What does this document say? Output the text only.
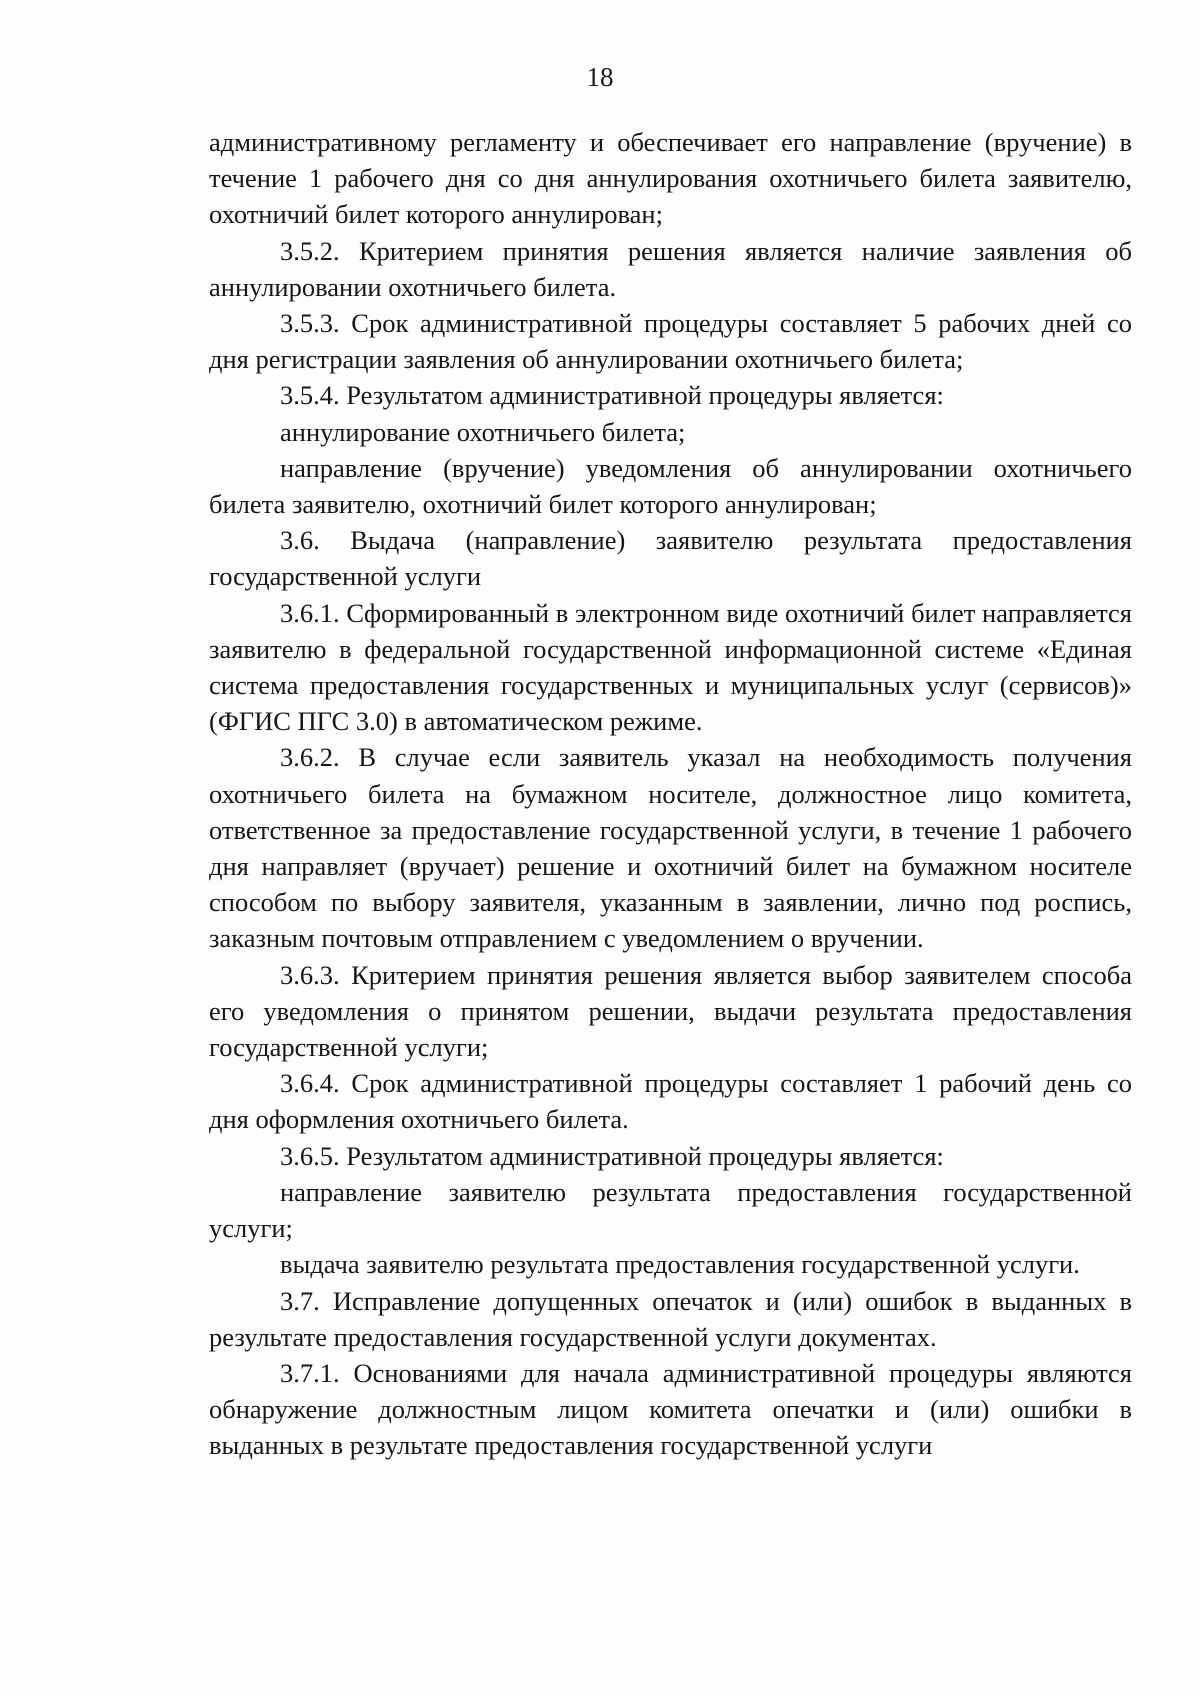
18

административному регламенту и обеспечивает его направление (вручение) в течение 1 рабочего дня со дня аннулирования охотничьего билета заявителю, охотничий билет которого аннулирован;

3.5.2. Критерием принятия решения является наличие заявления об аннулировании охотничьего билета.

3.5.3. Срок административной процедуры составляет 5 рабочих дней со дня регистрации заявления об аннулировании охотничьего билета;

3.5.4. Результатом административной процедуры является:

аннулирование охотничьего билета;

направление (вручение) уведомления об аннулировании охотничьего билета заявителю, охотничий билет которого аннулирован;

3.6. Выдача (направление) заявителю результата предоставления государственной услуги

3.6.1. Сформированный в электронном виде охотничий билет направляется заявителю в федеральной государственной информационной системе «Единая система предоставления государственных и муниципальных услуг (сервисов)» (ФГИС ПГС 3.0) в автоматическом режиме.

3.6.2. В случае если заявитель указал на необходимость получения охотничьего билета на бумажном носителе, должностное лицо комитета, ответственное за предоставление государственной услуги, в течение 1 рабочего дня направляет (вручает) решение и охотничий билет на бумажном носителе способом по выбору заявителя, указанным в заявлении, лично под роспись, заказным почтовым отправлением с уведомлением о вручении.

3.6.3. Критерием принятия решения является выбор заявителем способа его уведомления о принятом решении, выдачи результата предоставления государственной услуги;

3.6.4. Срок административной процедуры составляет 1 рабочий день со дня оформления охотничьего билета.

3.6.5. Результатом административной процедуры является:

направление заявителю результата предоставления государственной услуги;

выдача заявителю результата предоставления государственной услуги.

3.7. Исправление допущенных опечаток и (или) ошибок в выданных в результате предоставления государственной услуги документах.

3.7.1. Основаниями для начала административной процедуры являются обнаружение должностным лицом комитета опечатки и (или) ошибки в выданных в результате предоставления государственной услуги
